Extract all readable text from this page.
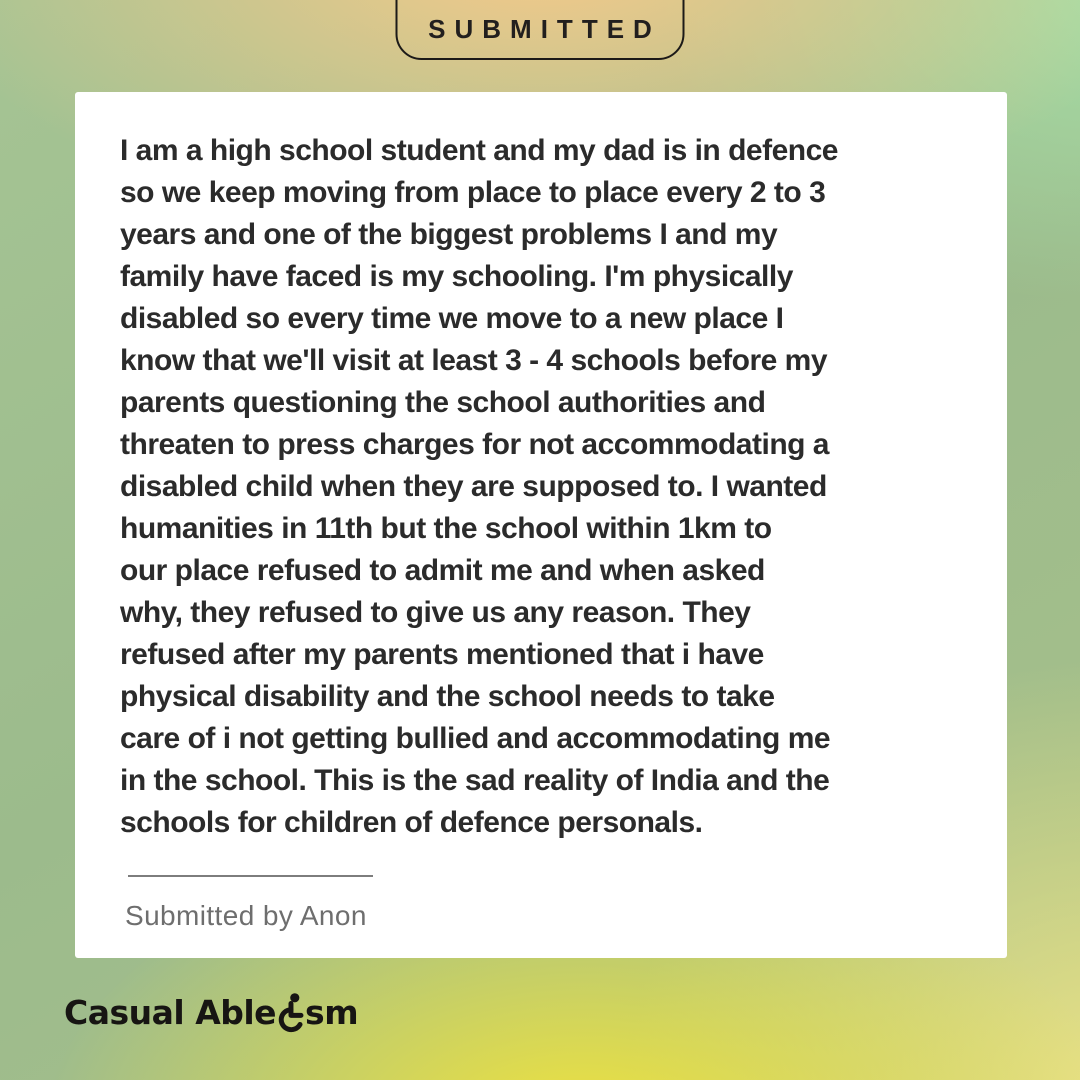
SUBMITTED
I am a high school student and my dad is in defence
so we keep moving from place to place every 2 to 3
years and one of the biggest problems I and my
family have faced is my schooling. I'm physically
disabled so every time we move to a new place I
know that we'll visit at least 3 - 4 schools before my
parents questioning the school authorities and
threaten to press charges for not accommodating a
disabled child when they are supposed to. I wanted
humanities in 11th but the school within 1km to
our place refused to admit me and when asked
why, they refused to give us any reason. They
refused after my parents mentioned that i have
physical disability and the school needs to take
care of i not getting bullied and accommodating me
in the school. This is the sad reality of India and the
schools for children of defence personals.
Submitted by Anon
Casual Able sm
